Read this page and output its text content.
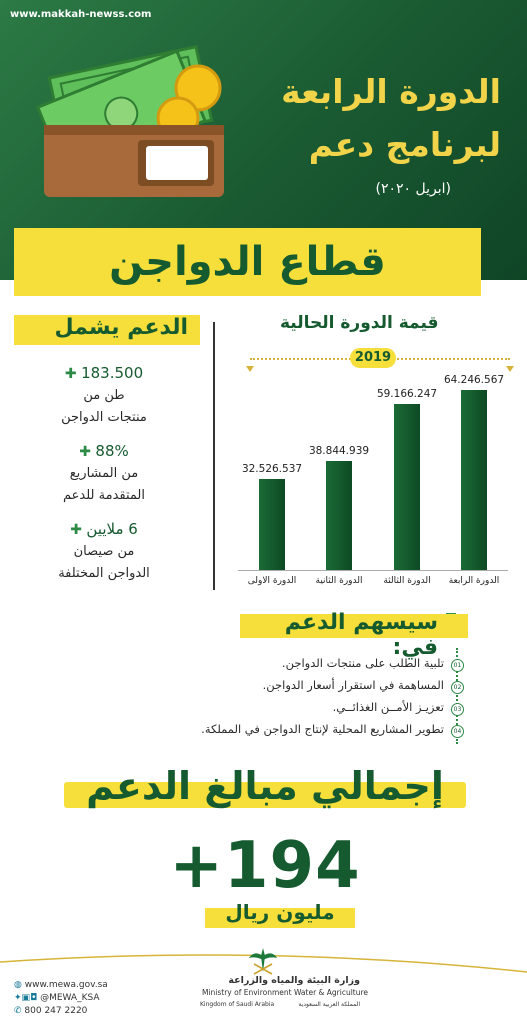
www.makkah-newss.com
الدورة الرابعة
لبرنامج دعم
(ابريل ٢٠٢٠)
قطاع الدواجن
الدعم يشمل
183.500 ✚
طن من
منتجات الدواجن
88% ✚
من المشاريع
المتقدمة للدعم
6 ملايين ✚
من صيصان
الدواجن المختلفة
قيمة الدورة الحالية
2019
32.526.537
الدورة الاولى
38.844.939
الدورة الثانية
59.166.247
الدورة الثالثة
64.246.567
الدورة الرابعة
سيسهم الدعم في:
01
تلبية الطلب على منتجات الدواجن.
02
المساهمة في استقرار أسعار الدواجن.
03
تعزيـز الأمــن الغذائــي.
04
تطوير المشاريع المحلية لإنتاج الدواجن في المملكة.
إجمالي مبالغ الدعم
+194
مليون ريال
◍ www.mewa.gov.sa
✦▣◘ @MEWA_KSA
✆ 800 247 2220
وزارة البيئة والمياه والزراعة
Ministry of Environment Water & Agriculture
Kingdom of Saudi Arabia	المملكة العربية السعودية
